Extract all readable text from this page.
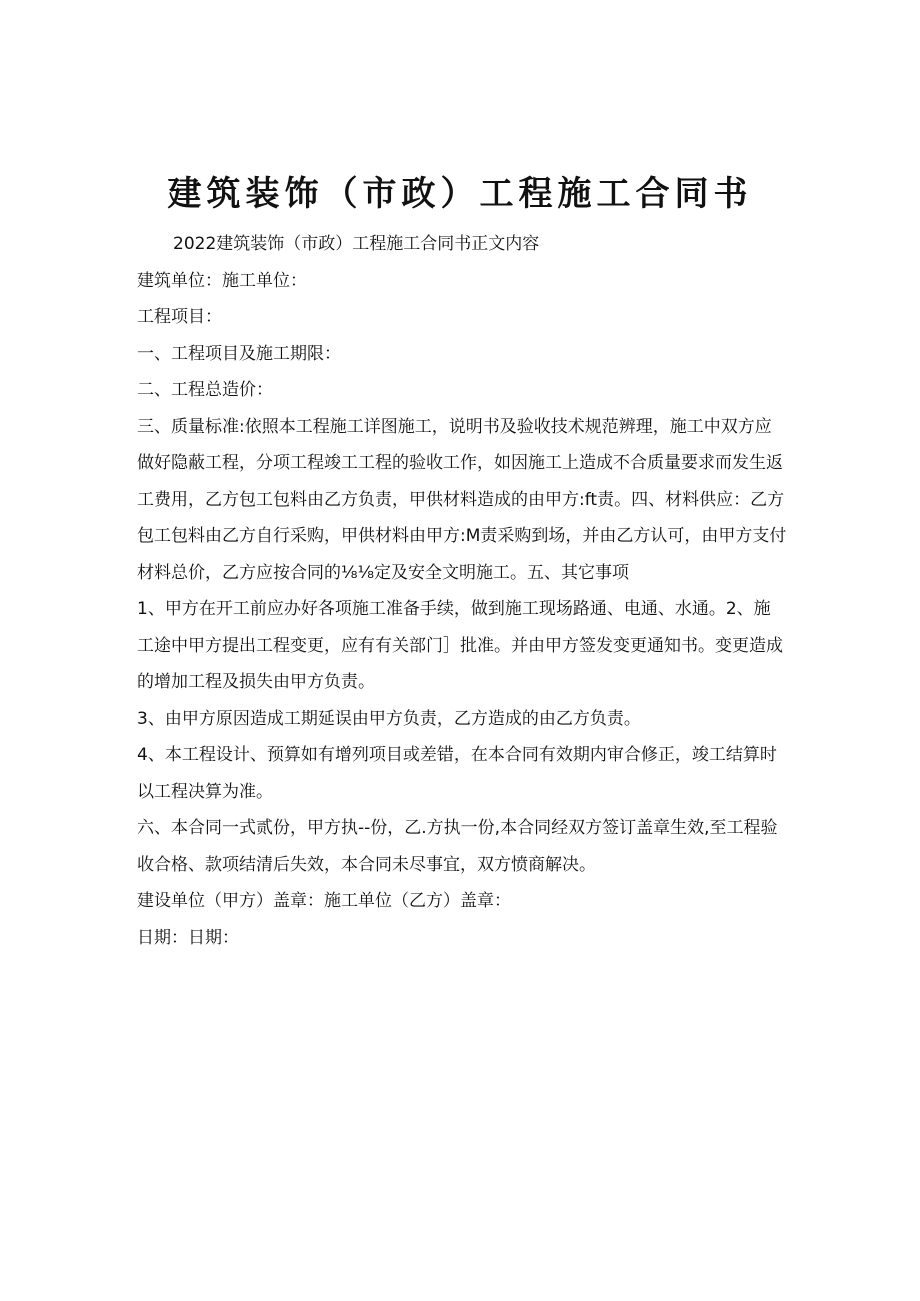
建筑装饰（市政）工程施工合同书

2022建筑装饰（市政）工程施工合同书正文内容

建筑单位：施工单位：

工程项目：

一、工程项目及施工期限：

二、工程总造价：

三、质量标准:依照本工程施工详图施工，说明书及验收技术规范辨理，施工中双方应做好隐蔽工程，分项工程竣工工程的验收工作，如因施工上造成不合质量要求而发生返工费用，乙方包工包料由乙方负责，甲供材料造成的由甲方:ft责。四、材料供应：乙方包工包料由乙方自行采购，甲供材料由甲方:M责采购到场，并由乙方认可，由甲方支付材料总价，乙方应按合同的⅛⅛定及安全文明施工。五、其它事项

1、甲方在开工前应办好各项施工准备手续，做到施工现场路通、电通、水通。2、施工途中甲方提出工程变更，应有有关部门］批准。并由甲方签发变更通知书。变更造成的增加工程及损失由甲方负责。

3、由甲方原因造成工期延误由甲方负责，乙方造成的由乙方负责。

4、本工程设计、预算如有增列项目或差错，在本合同有效期内审合修正，竣工结算时以工程决算为准。

六、本合同一式贰份，甲方执--份，乙.方执一份,本合同经双方签订盖章生效,至工程验收合格、款项结清后失效，本合同未尽事宜，双方愤商解决。

建设单位（甲方）盖章：施工单位（乙方）盖章：

日期：日期：
